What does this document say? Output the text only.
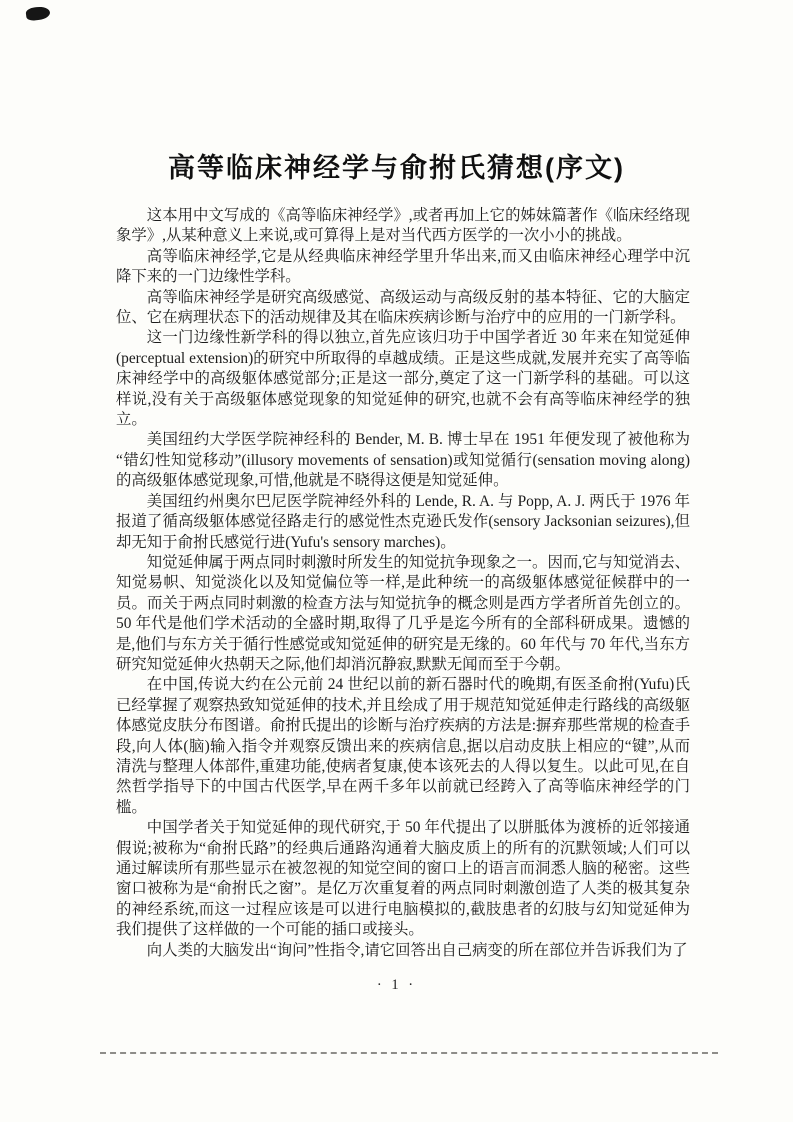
高等临床神经学与俞拊氏猜想(序文)

这本用中文写成的《高等临床神经学》,或者再加上它的姊妹篇著作《临床经络现象学》,从某种意义上来说,或可算得上是对当代西方医学的一次小小的挑战。

高等临床神经学,它是从经典临床神经学里升华出来,而又由临床神经心理学中沉降下来的一门边缘性学科。

高等临床神经学是研究高级感觉、高级运动与高级反射的基本特征、它的大脑定位、它在病理状态下的活动规律及其在临床疾病诊断与治疗中的应用的一门新学科。

这一门边缘性新学科的得以独立,首先应该归功于中国学者近 30 年来在知觉延伸(perceptual extension)的研究中所取得的卓越成绩。正是这些成就,发展并充实了高等临床神经学中的高级躯体感觉部分;正是这一部分,奠定了这一门新学科的基础。可以这样说,没有关于高级躯体感觉现象的知觉延伸的研究,也就不会有高等临床神经学的独立。

美国纽约大学医学院神经科的 Bender, M. B. 博士早在 1951 年便发现了被他称为“错幻性知觉移动”(illusory movements of sensation)或知觉循行(sensation moving along)的高级躯体感觉现象,可惜,他就是不晓得这便是知觉延伸。

美国纽约州奥尔巴尼医学院神经外科的 Lende, R. A. 与 Popp, A. J. 两氏于 1976 年报道了循高级躯体感觉径路走行的感觉性杰克逊氏发作(sensory Jacksonian seizures),但却无知于俞拊氏感觉行进(Yufu's sensory marches)。

知觉延伸属于两点同时刺激时所发生的知觉抗争现象之一。因而,它与知觉消去、知觉易帜、知觉淡化以及知觉偏位等一样,是此种统一的高级躯体感觉征候群中的一员。而关于两点同时刺激的检查方法与知觉抗争的概念则是西方学者所首先创立的。50 年代是他们学术活动的全盛时期,取得了几乎是迄今所有的全部科研成果。遗憾的是,他们与东方关于循行性感觉或知觉延伸的研究是无缘的。60 年代与 70 年代,当东方研究知觉延伸火热朝天之际,他们却消沉静寂,默默无闻而至于今朝。

在中国,传说大约在公元前 24 世纪以前的新石器时代的晚期,有医圣俞拊(Yufu)氏已经掌握了观察热致知觉延伸的技术,并且绘成了用于规范知觉延伸走行路线的高级躯体感觉皮肤分布图谱。俞拊氏提出的诊断与治疗疾病的方法是:摒弃那些常规的检查手段,向人体(脑)输入指令并观察反馈出来的疾病信息,据以启动皮肤上相应的“键”,从而清洗与整理人体部件,重建功能,使病者复康,使本该死去的人得以复生。以此可见,在自然哲学指导下的中国古代医学,早在两千多年以前就已经跨入了高等临床神经学的门槛。

中国学者关于知觉延伸的现代研究,于 50 年代提出了以胼胝体为渡桥的近邻接通假说;被称为“俞拊氏路”的经典后通路沟通着大脑皮质上的所有的沉默领域;人们可以通过解读所有那些显示在被忽视的知觉空间的窗口上的语言而洞悉人脑的秘密。这些窗口被称为是“俞拊氏之窗”。是亿万次重复着的两点同时刺激创造了人类的极其复杂的神经系统,而这一过程应该是可以进行电脑模拟的,截肢患者的幻肢与幻知觉延伸为我们提供了这样做的一个可能的插口或接头。

向人类的大脑发出“询问”性指令,请它回答出自己病变的所在部位并告诉我们为了

· 1 ·
